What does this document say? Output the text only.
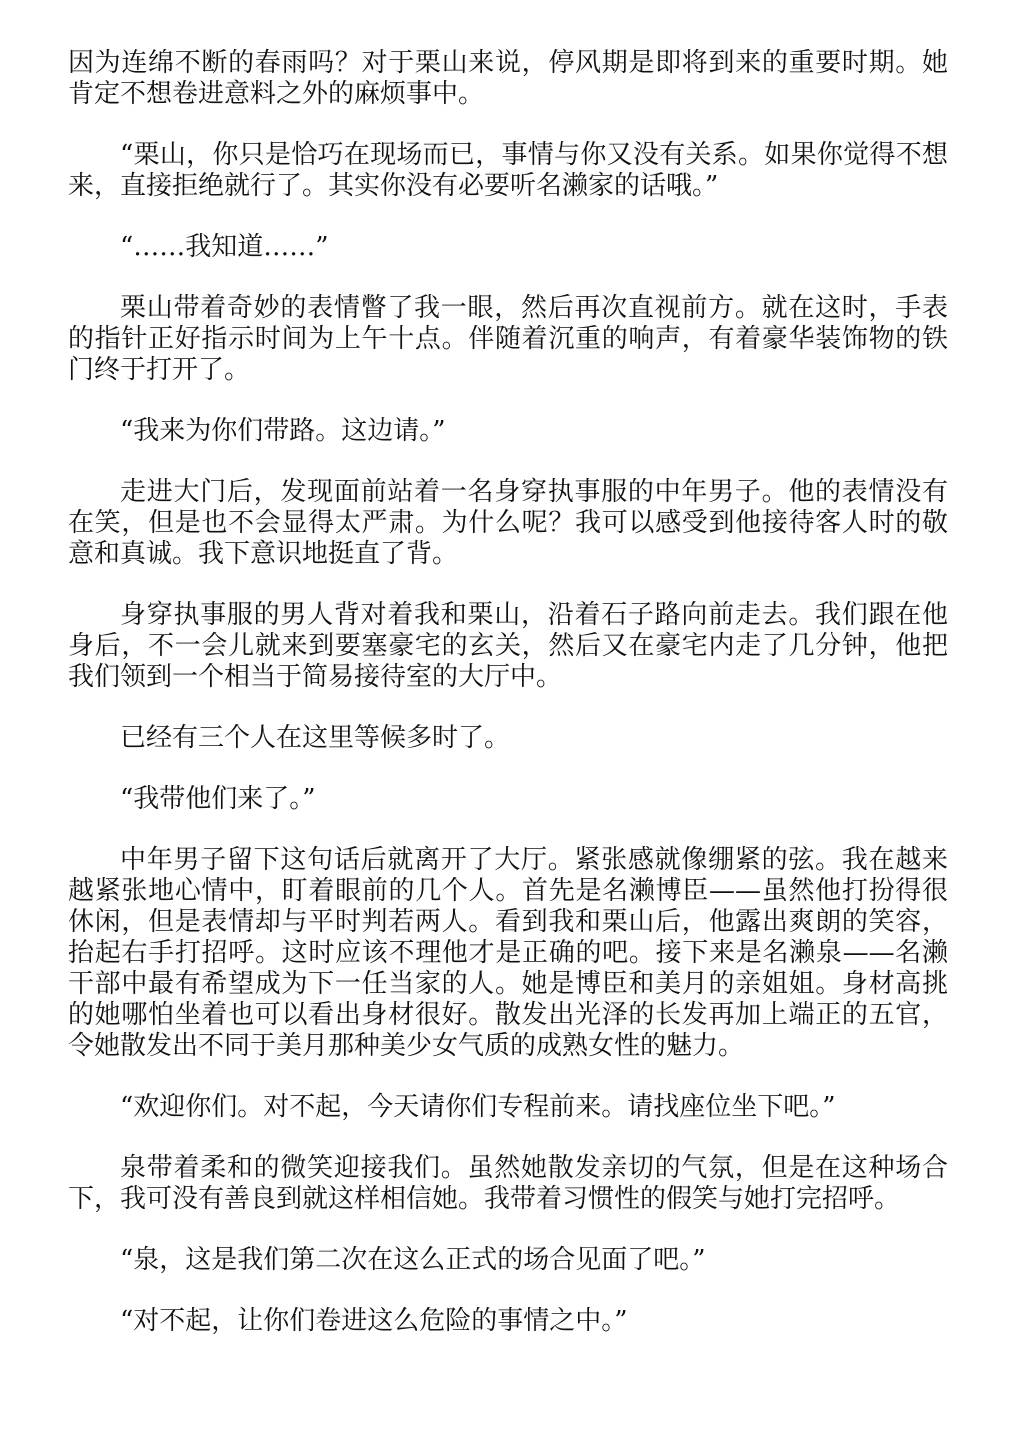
因为连绵不断的春雨吗？对于栗山来说，停风期是即将到来的重要时期。她肯定不想卷进意料之外的麻烦事中。

“栗山，你只是恰巧在现场而已，事情与你又没有关系。如果你觉得不想来，直接拒绝就行了。其实你没有必要听名濑家的话哦。”

“……我知道……”

栗山带着奇妙的表情瞥了我一眼，然后再次直视前方。就在这时，手表的指针正好指示时间为上午十点。伴随着沉重的响声，有着豪华装饰物的铁门终于打开了。

“我来为你们带路。这边请。”

走进大门后，发现面前站着一名身穿执事服的中年男子。他的表情没有在笑，但是也不会显得太严肃。为什么呢？我可以感受到他接待客人时的敬意和真诚。我下意识地挺直了背。

身穿执事服的男人背对着我和栗山，沿着石子路向前走去。我们跟在他身后，不一会儿就来到要塞豪宅的玄关，然后又在豪宅内走了几分钟，他把我们领到一个相当于简易接待室的大厅中。

已经有三个人在这里等候多时了。

“我带他们来了。”

中年男子留下这句话后就离开了大厅。紧张感就像绷紧的弦。我在越来越紧张地心情中，盯着眼前的几个人。首先是名濑博臣——虽然他打扮得很休闲，但是表情却与平时判若两人。看到我和栗山后，他露出爽朗的笑容，抬起右手打招呼。这时应该不理他才是正确的吧。接下来是名濑泉——名濑干部中最有希望成为下一任当家的人。她是博臣和美月的亲姐姐。身材高挑的她哪怕坐着也可以看出身材很好。散发出光泽的长发再加上端正的五官，令她散发出不同于美月那种美少女气质的成熟女性的魅力。

“欢迎你们。对不起，今天请你们专程前来。请找座位坐下吧。”

泉带着柔和的微笑迎接我们。虽然她散发亲切的气氛，但是在这种场合下，我可没有善良到就这样相信她。我带着习惯性的假笑与她打完招呼。

“泉，这是我们第二次在这么正式的场合见面了吧。”

“对不起，让你们卷进这么危险的事情之中。”
